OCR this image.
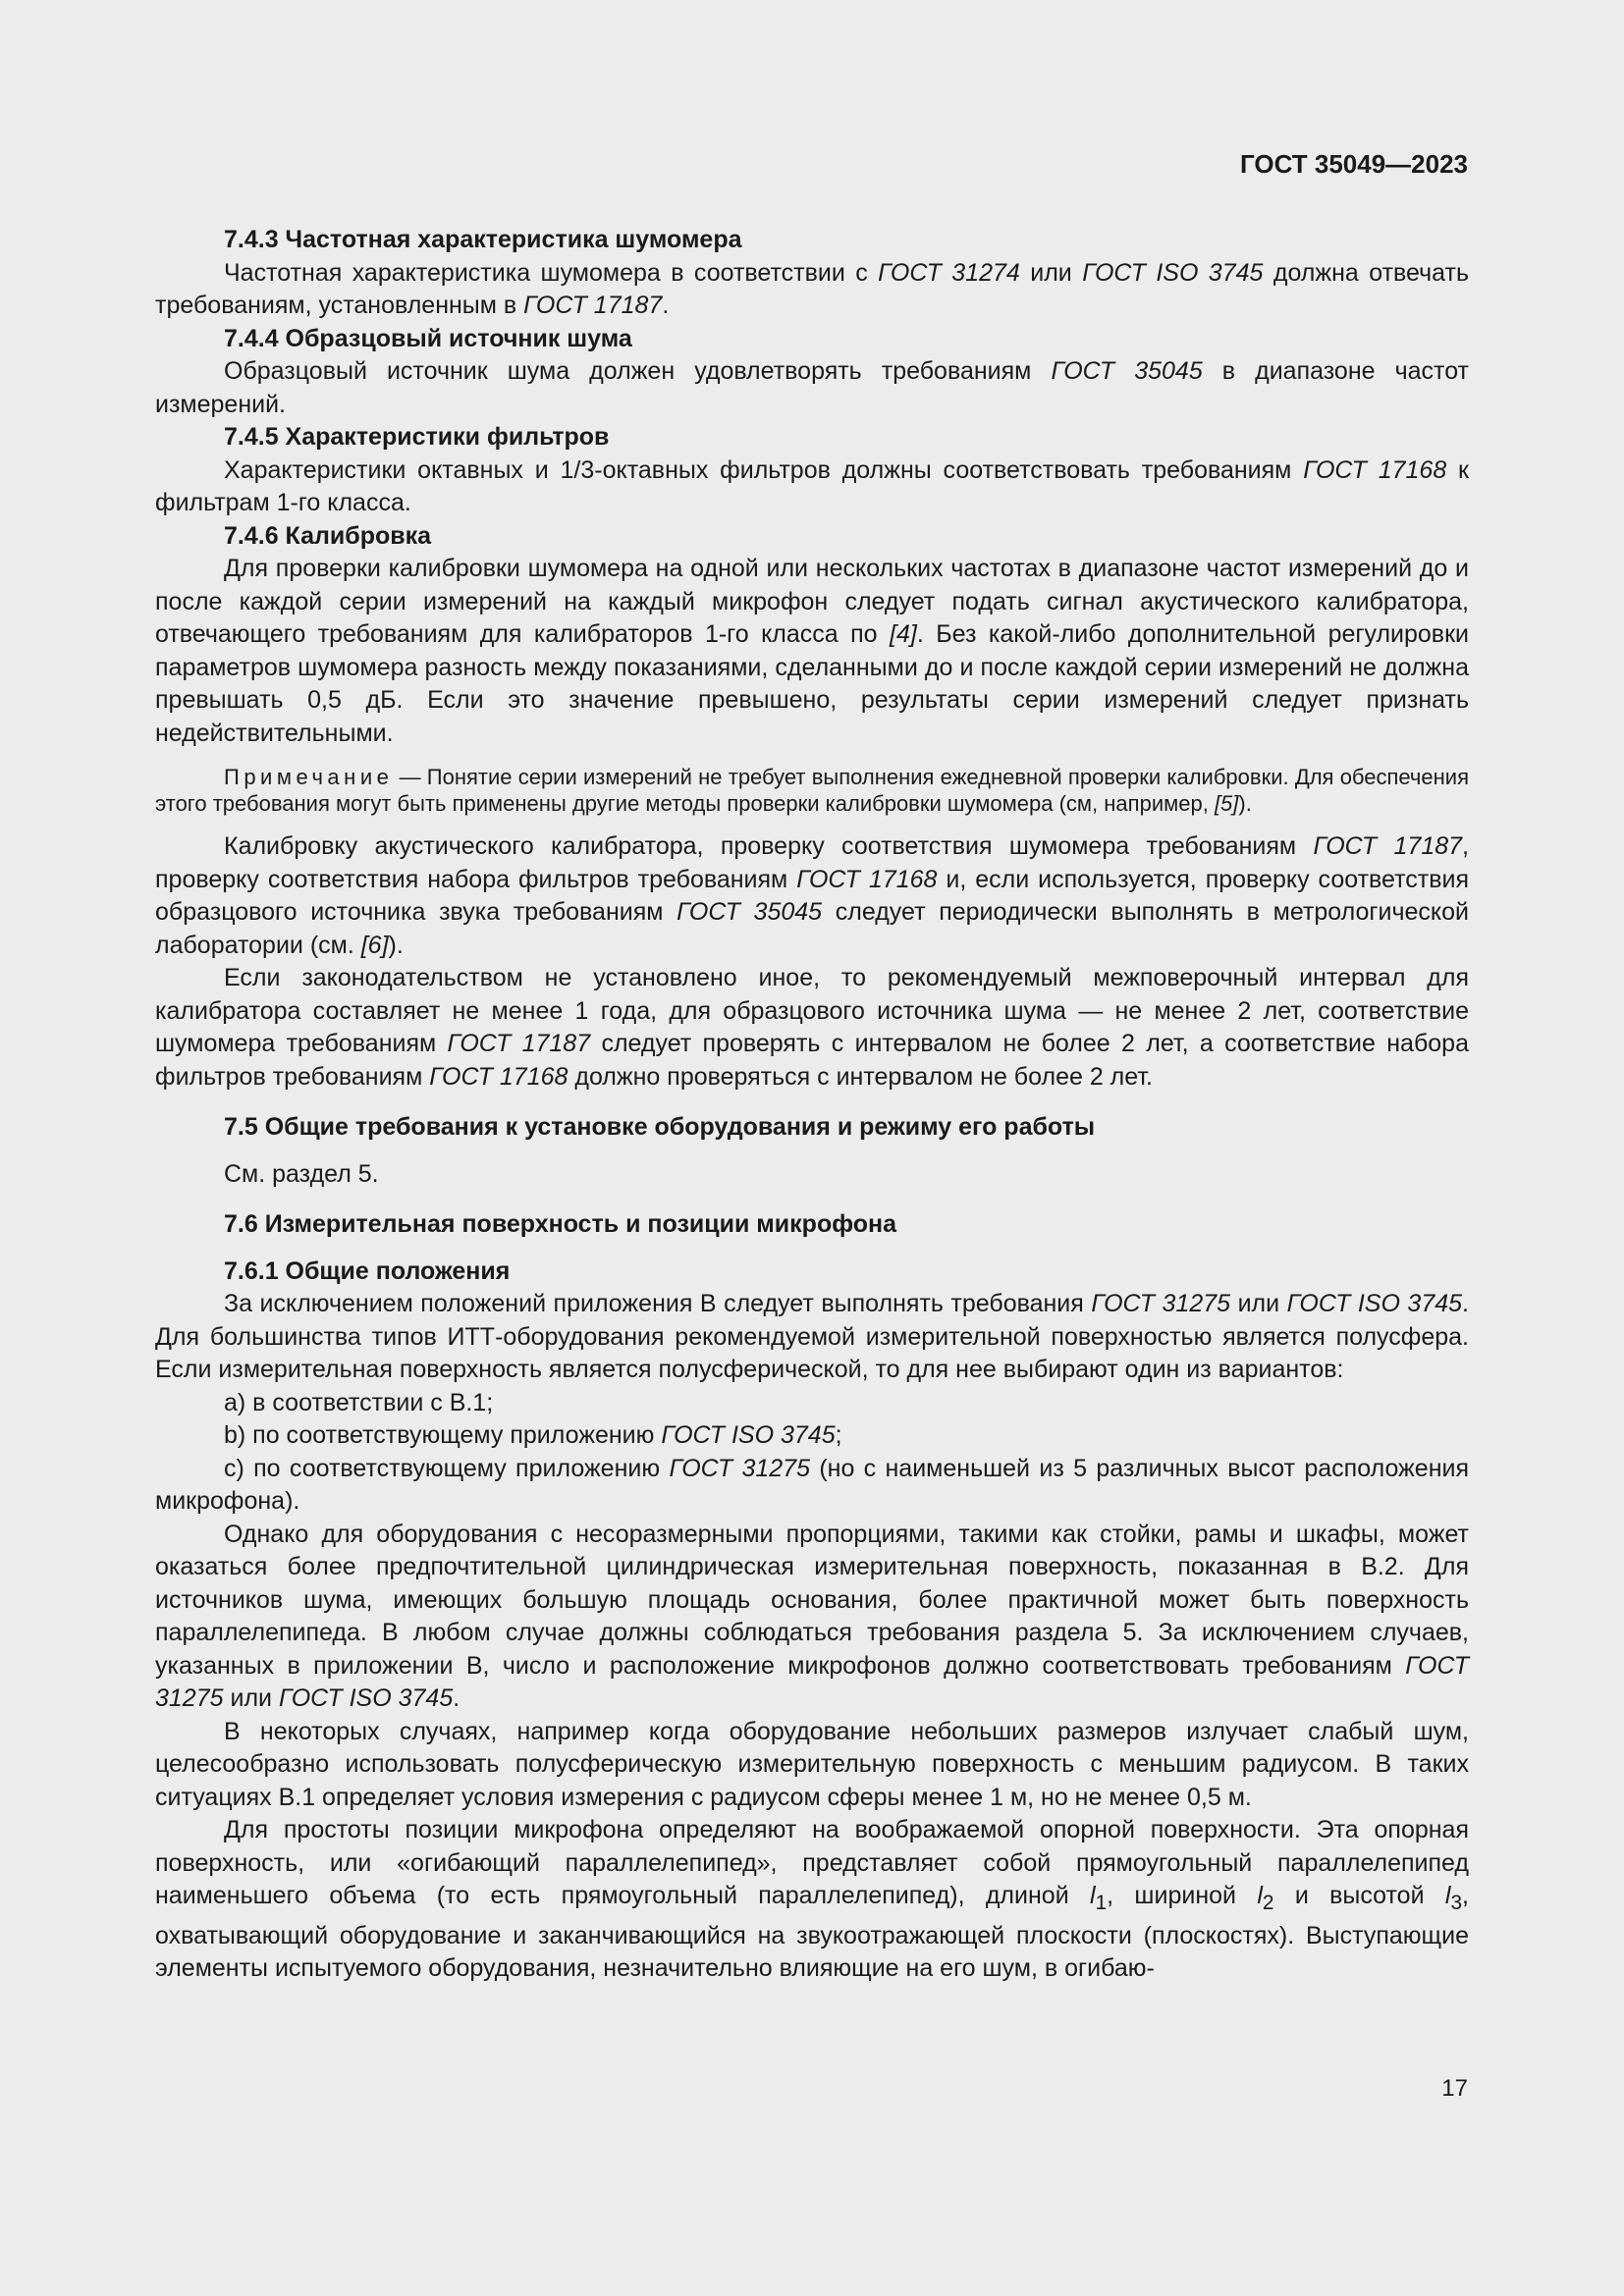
ГОСТ 35049—2023

7.4.3 Частотная характеристика шумомера

Частотная характеристика шумомера в соответствии с ГОСТ 31274 или ГОСТ ISO 3745 должна отвечать требованиям, установленным в ГОСТ 17187.

7.4.4 Образцовый источник шума

Образцовый источник шума должен удовлетворять требованиям ГОСТ 35045 в диапазоне частот измерений.

7.4.5 Характеристики фильтров

Характеристики октавных и 1/3-октавных фильтров должны соответствовать требованиям ГОСТ 17168 к фильтрам 1-го класса.

7.4.6 Калибровка

Для проверки калибровки шумомера на одной или нескольких частотах в диапазоне частот измерений до и после каждой серии измерений на каждый микрофон следует подать сигнал акустического калибратора, отвечающего требованиям для калибраторов 1-го класса по [4]. Без какой-либо дополнительной регулировки параметров шумомера разность между показаниями, сделанными до и после каждой серии измерений не должна превышать 0,5 дБ. Если это значение превышено, результаты серии измерений следует признать недействительными.

Примечание — Понятие серии измерений не требует выполнения ежедневной проверки калибровки. Для обеспечения этого требования могут быть применены другие методы проверки калибровки шумомера (см, например, [5]).

Калибровку акустического калибратора, проверку соответствия шумомера требованиям ГОСТ 17187, проверку соответствия набора фильтров требованиям ГОСТ 17168 и, если используется, проверку соответствия образцового источника звука требованиям ГОСТ 35045 следует периодически выполнять в метрологической лаборатории (см. [6]).

Если законодательством не установлено иное, то рекомендуемый межповерочный интервал для калибратора составляет не менее 1 года, для образцового источника шума — не менее 2 лет, соответствие шумомера требованиям ГОСТ 17187 следует проверять с интервалом не более 2 лет, а соответствие набора фильтров требованиям ГОСТ 17168 должно проверяться с интервалом не более 2 лет.

7.5 Общие требования к установке оборудования и режиму его работы

См. раздел 5.

7.6 Измерительная поверхность и позиции микрофона

7.6.1 Общие положения

За исключением положений приложения В следует выполнять требования ГОСТ 31275 или ГОСТ ISO 3745. Для большинства типов ИТТ-оборудования рекомендуемой измерительной поверхностью является полусфера. Если измерительная поверхность является полусферической, то для нее выбирают один из вариантов:

а) в соответствии с В.1;

b) по соответствующему приложению ГОСТ ISO 3745;

с) по соответствующему приложению ГОСТ 31275 (но с наименьшей из 5 различных высот расположения микрофона).

Однако для оборудования с несоразмерными пропорциями, такими как стойки, рамы и шкафы, может оказаться более предпочтительной цилиндрическая измерительная поверхность, показанная в В.2. Для источников шума, имеющих большую площадь основания, более практичной может быть поверхность параллелепипеда. В любом случае должны соблюдаться требования раздела 5. За исключением случаев, указанных в приложении В, число и расположение микрофонов должно соответствовать требованиям ГОСТ 31275 или ГОСТ ISO 3745.

В некоторых случаях, например когда оборудование небольших размеров излучает слабый шум, целесообразно использовать полусферическую измерительную поверхность с меньшим радиусом. В таких ситуациях В.1 определяет условия измерения с радиусом сферы менее 1 м, но не менее 0,5 м.

Для простоты позиции микрофона определяют на воображаемой опорной поверхности. Эта опорная поверхность, или «огибающий параллелепипед», представляет собой прямоугольный параллелепипед наименьшего объема (то есть прямоугольный параллелепипед), длиной $l_1$, шириной $l_2$ и высотой $l_3$, охватывающий оборудование и заканчивающийся на звукоотражающей плоскости (плоскостях). Выступающие элементы испытуемого оборудования, незначительно влияющие на его шум, в огибаю-

17
